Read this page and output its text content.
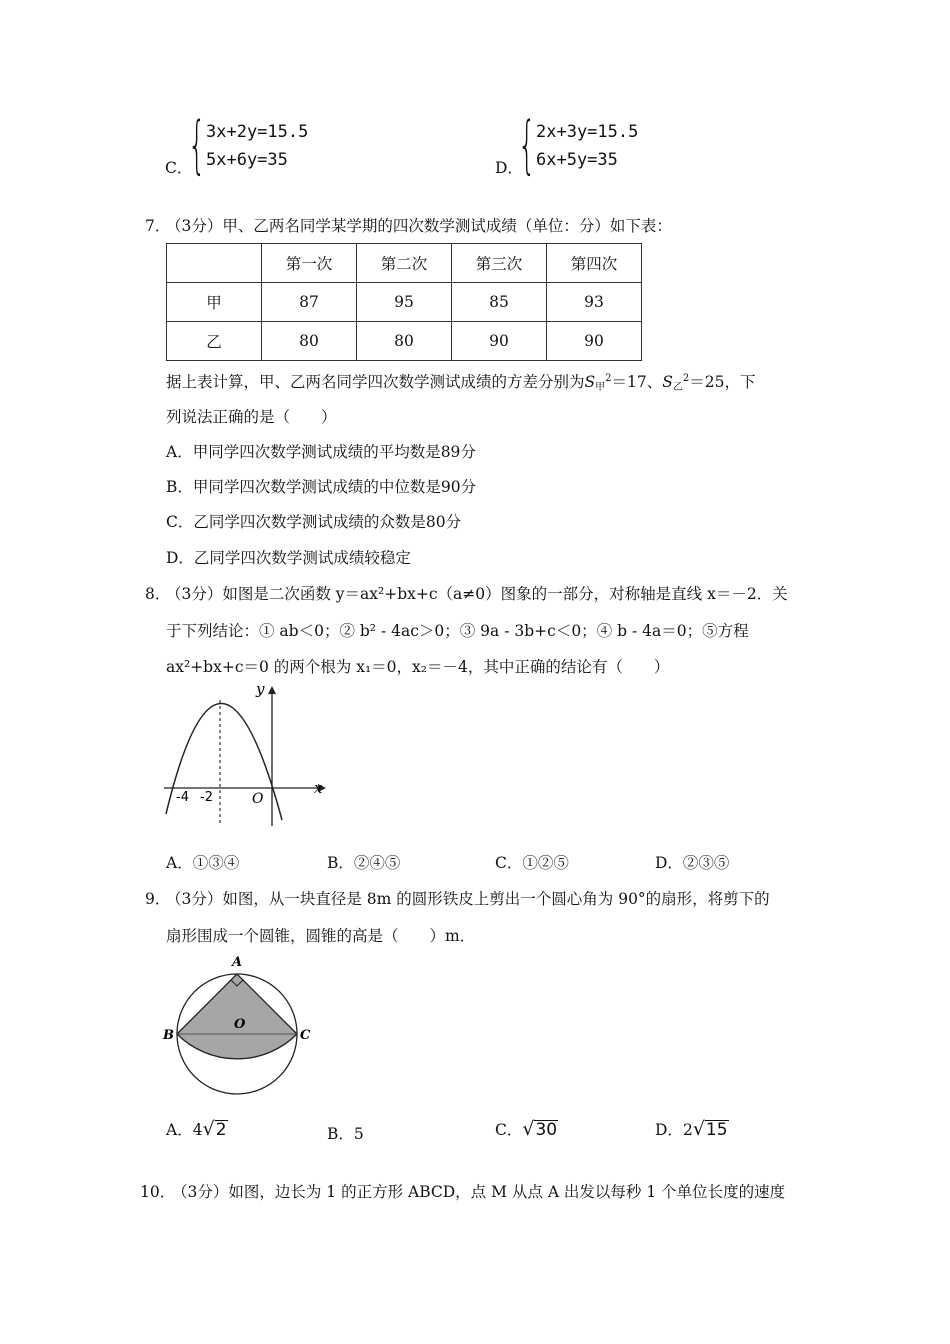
C．
{ 3x+2y=15.5
5x+6y=35	D．
{ 2x+3y=15.5
6x+5y=35
7．
（3分）甲、乙两名同学某学期的四次数学测试成绩（单位：分）如下表：
	第一次	第二次	第三次	第四次
甲	87	95	85	93
乙	80	80	90	90
据上表计算，甲、乙两名同学四次数学测试成绩的方差分别为$S_甲^2=17$、$S_乙^2=25$，下
列说法正确的是（　　）
A．甲同学四次数学测试成绩的平均数是89分
B．甲同学四次数学测试成绩的中位数是90分
C．乙同学四次数学测试成绩的众数是80分
D．乙同学四次数学测试成绩较稳定
8．
（3分）如图是二次函数 y＝ax²+bx+c（a≠0）图象的一部分，对称轴是直线 x＝－2．关
于下列结论：① ab＜0；② b² - 4ac＞0；③ 9a - 3b+c＜0；④ b - 4a＝0；⑤方程
ax²+bx+c＝0 的两个根为 x₁＝0，x₂＝－4，其中正确的结论有（　　）
y
x
O
-4 -2
A．①③④	B．②④⑤	C．①②⑤	D．②③⑤
9．
（3分）如图，从一块直径是 8m 的圆形铁皮上剪出一个圆心角为 90°的扇形，将剪下的
扇形围成一个圆锥，圆锥的高是（　　）m．
A
B	C
O
A．4√2	B．5	C．√30	D．2√15
10．
（3分）如图，边长为 1 的正方形 ABCD，点 M 从点 A 出发以每秒 1 个单位长度的速度
